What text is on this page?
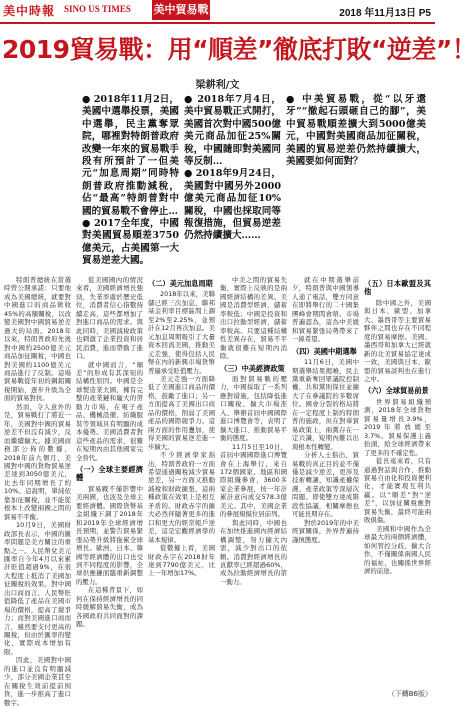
美中時報 SINO US TIMES 美中貿易戰	2018 年11月13日 P5
2019貿易戰：用“順差”徹底打敗“逆差”！
梁耕利/文

● 2018年11月2日，美國中選舉投票，美國中選舉，民主黨奪眾院，哪裡對特朗普政府改變一年來的貿易戰手段有所預計了一但美元“加息周期”同時特朗普政府推動減稅，佔“最高”特朗普對中國的貿易戰不會停止…

● 2017全年度，中國對美國貿易順差3750億美元，占美國第一大貿易逆差大國。

● 2018年7月4日，美中貿易戰正式開打，美國首次對中國500億美元商品加征25%關稅，中國隨即對美國同等反制…

● 2018年9月24日，美國對中國另外2000億美元商品加征10%關稅，中國也採取同等報復措施，但貿易逆差仍然持續擴大……

● 中美貿易戰，從“以牙還牙”“撤起石頭砸自己的腳”，美中貿易戰順差擴大到5000億美元，中國對美國商品加征關稅，美國的貿易逆差仍然持續擴大，美國要如何面對？

特朗普總統在當選時曾公開承諾：只要他成為美國總統，就要對中國進口的商品徵收45%的高額關稅，以改變美國對中國貿易逆差過大的局面。2018年以來，特朗普政府先後對中國約2500億美元商品加征關稅，中國也對美國約1100億美元商品進行了反制。這場貿易戰從年初的鋼鋁關稅開始，逐步升級為全面的貿易對抗。

然而，令人意外的是，貿易戰打了將近一年，美國對中國的貿易逆差不但沒有減少，反而繼續擴大。據美國商務部公佈的數據，2018年前九個月，美國對中國的貨物貿易逆差達到3050億美元，比去年同期增長了約10%。這說明，單純依靠加征關稅，並不能從根本上改變兩國之間的貿易不平衡。

10月9日，美國財政部長表示，中國的匯率問題是美方關注的重點之一。人民幣兌美元匯率自今年4月以來累計貶值超過9%，在很大程度上抵消了美國加征關稅的效果。對中國出口商而言，人民幣貶值降低了產品在美國市場的價格，提高了競爭力；而對美國進口商而言，雖然要支付更高的關稅，但由於匯率的變化，實際成本增加有限。

因此，美國對中國的進口並沒有明顯減少，部分美國企業甚至在關稅生效前提前囤貨，進一步推高了進口數字。

從美國國內的情況來看，美國經濟增長強勁，失業率處於歷史低位，消費者信心指數持續走高，這些都增加了對進口商品的需求。與此同時，美國減稅政策也刺激了企業投資和居民消費，進而帶動了進口。

就中國而言，“順差”的形成有其深刻的結構性原因。中國是全球製造業大國，擁有完整的產業鏈和龐大的勞動力市場，在電子產品、機械設備、紡織服裝等領域具有明顯的成本優勢。美國消費者對這些產品的需求，很難在短期內由其他國家完全替代。

（一）全球主要經濟體

貿易戰不僅影響中美兩國，也波及全球主要經濟體。國際貨幣基金組織下調了2018年和2019年全球經濟增長預期，並警告貿易緊張局勢升級將拖累全球增長。歐洲、日本、韓國等經濟體的出口也受到不同程度的影響，全球供應鏈面臨重新調整的壓力。

在這種背景下，如何在保持經濟增長的同時緩解貿易失衡，成為各國政府共同面對的課題。

（二）美元加息周期

2018年以來，美聯儲已經三次加息，聯邦基金利率目標區間上調至2%至2.25%，並預計在12月再次加息。美元加息周期吸引了大量資本回流美國，推動美元走強，使得包括人民幣在內的新興市場貨幣普遍承受貶值壓力。

美元走強一方面降低了美國進口商品的價格，鼓勵了進口；另一方面提高了美國出口商品的價格，削弱了美國產品的國際競爭力。這兩方面的作用疊加，使得美國的貿易逆差進一步擴大。

不少經濟學家指出，特朗普政府一方面希望通過關稅減少貿易逆差，另一方面又推動減稅和財政擴張，這兩種政策在效果上是相互矛盾的。財政赤字的擴大必然伴隨著更多的進口和更大的經常帳戶逆差，這是宏觀經濟學的基本規律。

從數據上看，美國財政赤字在2018財年達到7790億美元，比上一年增加17%。

中美之間的貿易失衡，實際上反映的是兩國經濟結構的差異。美國是消費型經濟，儲蓄率較低；中國是投資和出口拉動型經濟，儲蓄率較高。只要這種結構性差異存在，貿易不平衡就很難在短期內消除。

（三）中美經濟政策

面對貿易戰的壓力，中國採取了一系列應對措施，包括降低進口關稅、擴大市場准入、舉辦首屆中國國際進口博覽會等，表明了擴大進口、推動貿易平衡的態度。

11月5日至10日，首屆中國國際進口博覽會在上海舉行，來自172個國家、地區和國際組織參會，3600多家企業參展，按一年計累計意向成交578.3億美元。其中，美國企業的參展規模位居前列。

與此同時，中國也在加快推進國內經濟結構調整，努力擴大內需，減少對出口的依賴。消費對經濟增長的貢獻率已經超過60%，成為拉動經濟增長的第一動力。

就在中期選舉前夕，特朗普與中國領導人通了電話，雙方同意在即將舉行的二十國集團峰會期間會晤。市場普遍認為，這為中美緩和貿易緊張局勢帶來了一線希望。

（四）美國中期選舉

11月6日，美國中期選舉結果揭曉，民主黨重新奪回眾議院控制權，共和黨則保住並擴大了在參議院的多數席位。國會分裂的格局將在一定程度上制約特朗普的施政，但在對華貿易政策上，兩黨存在一定共識，短期內難以出現根本性轉變。

分析人士指出，貿易戰的真正目的並不僅僅是減少逆差，更涉及技術轉讓、知識產權保護、產業政策等深層次問題。即使雙方達成階段性協議，相關摩擦也可能長期存在。

對於2019年的中美經貿關係，外界普遍持謹慎態度。

（五）日本歐盟及其他

除中國之外，美國與日本、歐盟、加拿大、墨西哥等主要貿易夥伴之間也存在不同程度的貿易摩擦。美國、墨西哥和加拿大已經就新的北美貿易協定達成一致，美國與日本、歐盟的貿易談判也在進行之中。

（六）全球貿易前景

世界貿易組織預測，2018年全球貨物貿易量增長3.9%，2019年將放緩至3.7%。貿易保護主義抬頭，給全球經濟帶來了更多的不確定性。

從長遠來看，只有通過對話與合作，推動貿易自由化和投資便利化，才能實現互利共贏。以“順差”對“逆差”，以加征關稅應對貿易失衡，最終可能兩敗俱傷。

美國和中國作為全球最大的兩個經濟體，如何管控分歧、擴大合作，不僅關係兩國人民的福祉，也關係世界經濟的前途。

（下轉B6版）
